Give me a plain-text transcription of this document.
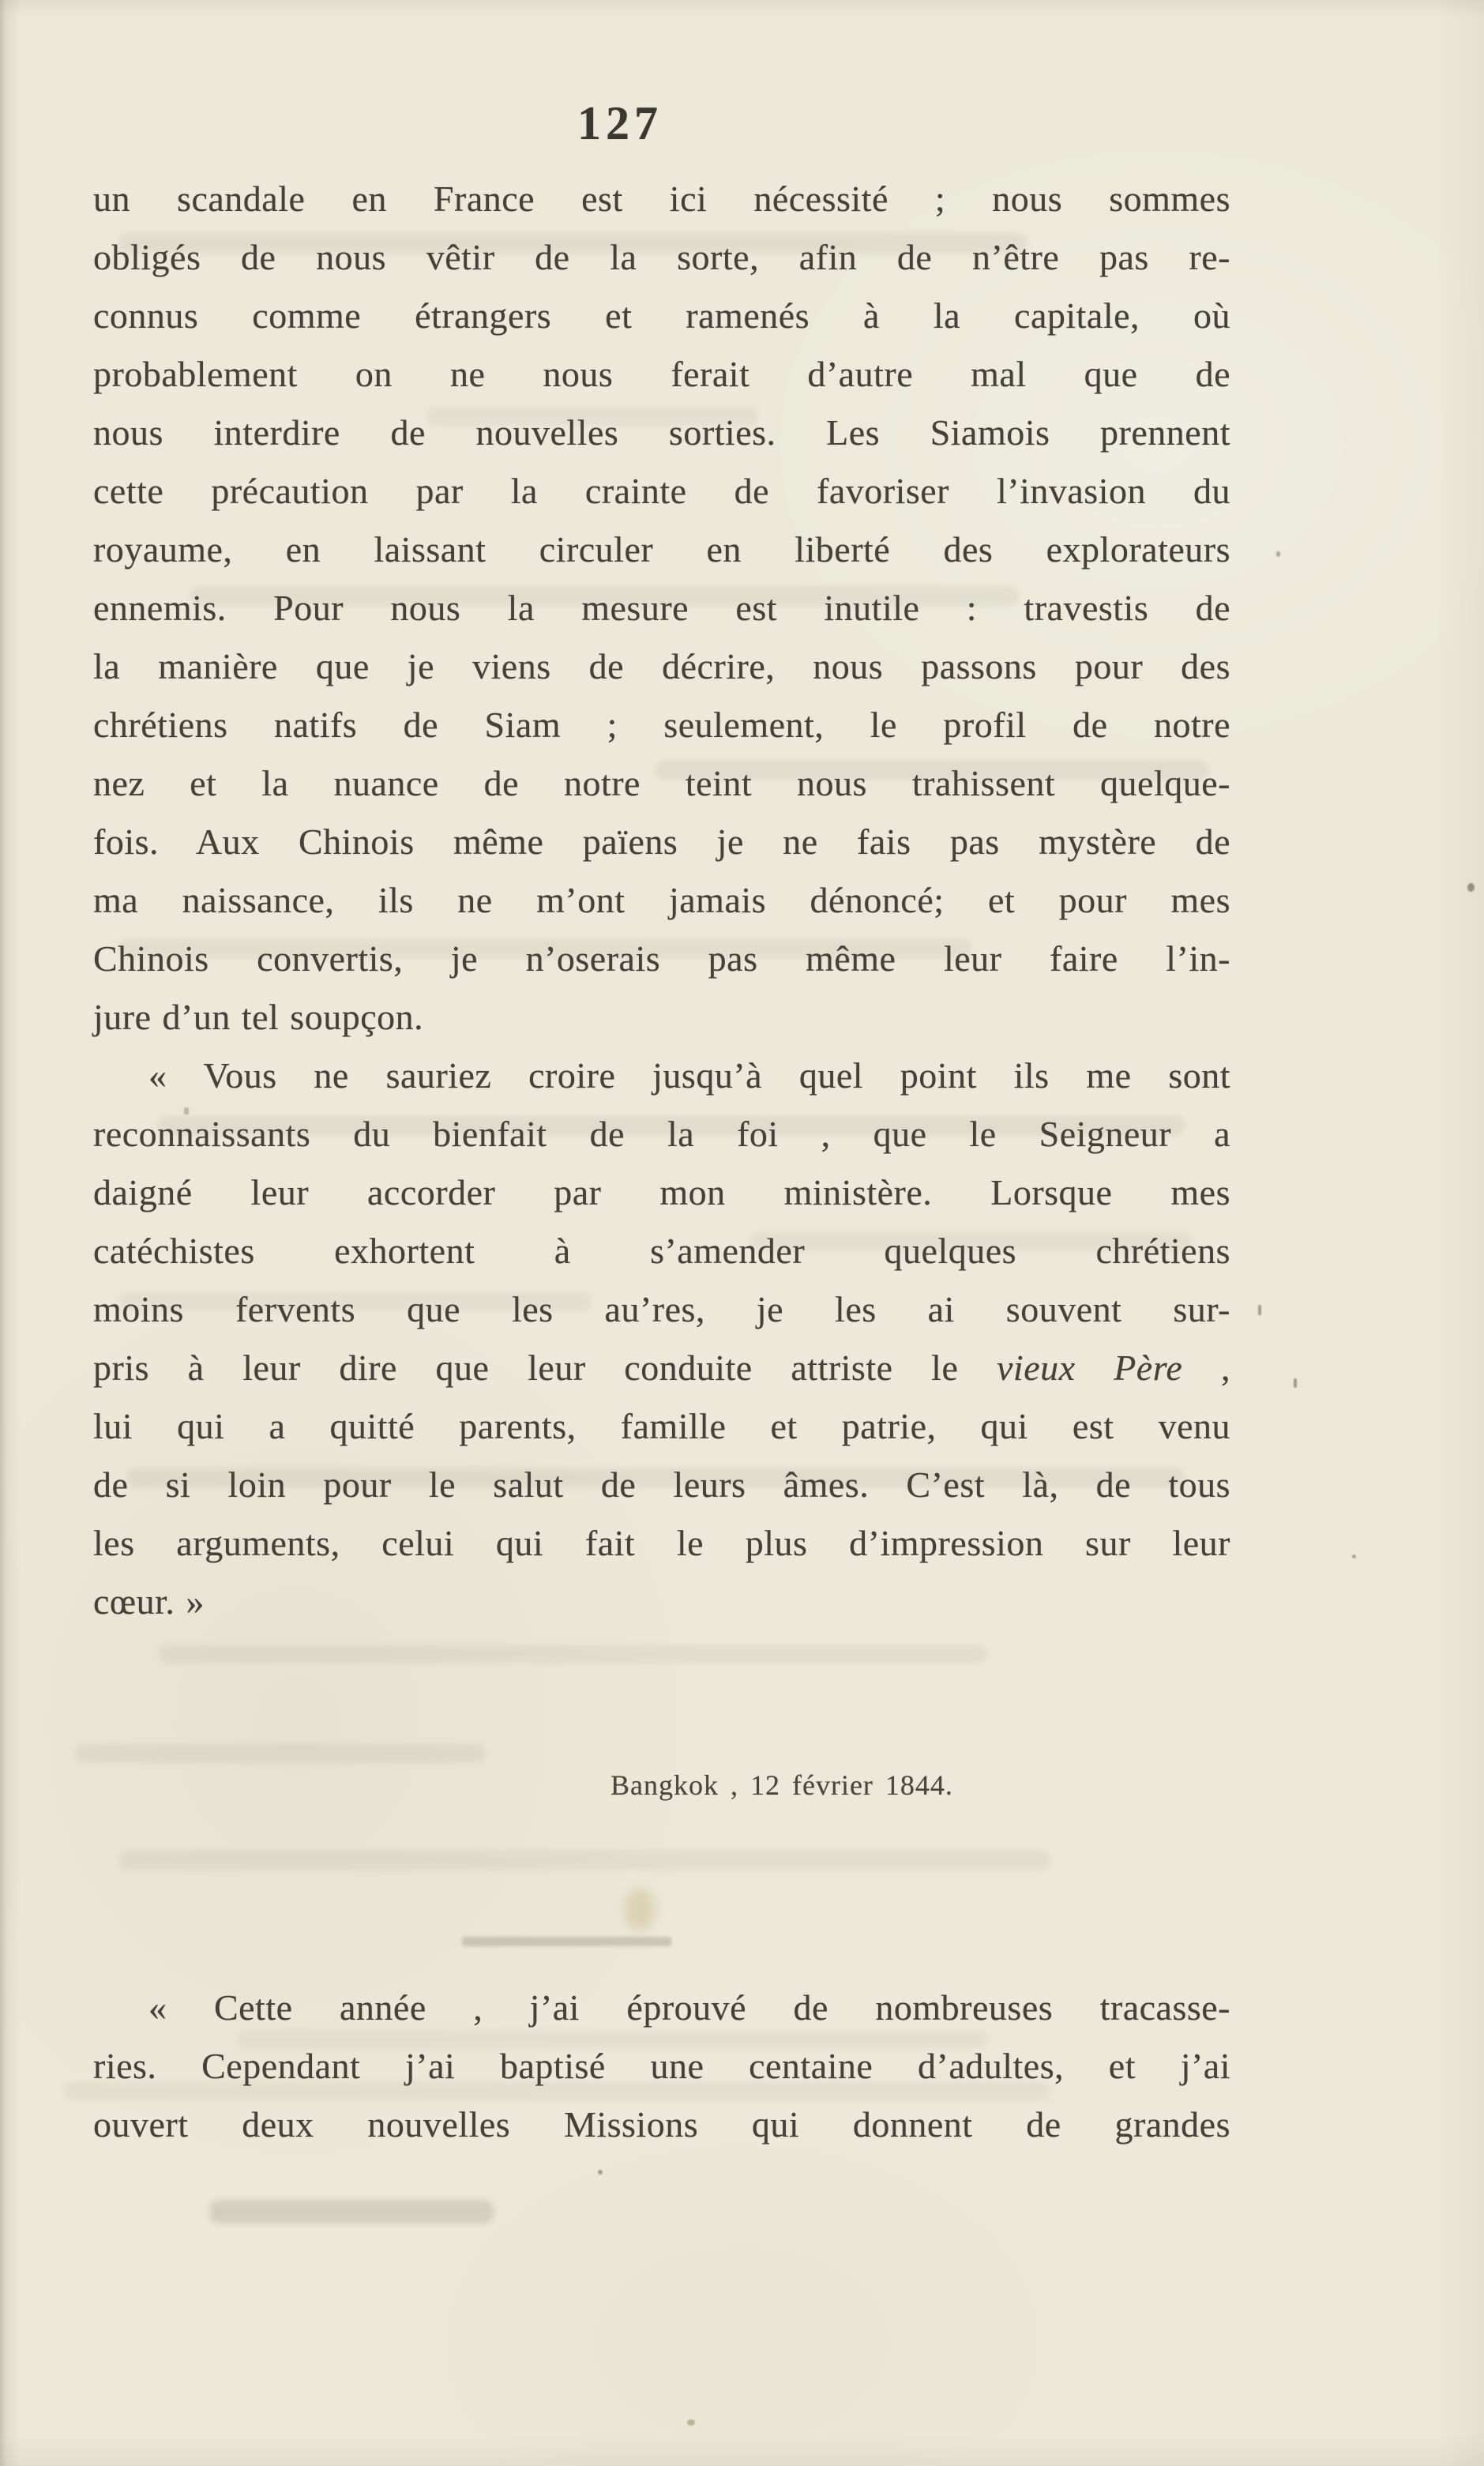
127
un scandale en France est ici nécessité ; nous sommes
obligés de nous vêtir de la sorte, afin de n’être pas re-
connus comme étrangers et ramenés à la capitale, où
probablement on ne nous ferait d’autre mal que de
nous interdire de nouvelles sorties. Les Siamois prennent
cette précaution par la crainte de favoriser l’invasion du
royaume, en laissant circuler en liberté des explorateurs
ennemis. Pour nous la mesure est inutile : travestis de
la manière que je viens de décrire, nous passons pour des
chrétiens natifs de Siam ; seulement, le profil de notre
nez et la nuance de notre teint nous trahissent quelque-
fois. Aux Chinois même païens je ne fais pas mystère de
ma naissance, ils ne m’ont jamais dénoncé; et pour mes
Chinois convertis, je n’oserais pas même leur faire l’in-
jure d’un tel soupçon.
« Vous ne sauriez croire jusqu’à quel point ils me sont
reconnaissants du bienfait de la foi , que le Seigneur a
daigné leur accorder par mon ministère. Lorsque mes
catéchistes exhortent à s’amender quelques chrétiens
moins fervents que les au’res, je les ai souvent sur-
pris à leur dire que leur conduite attriste le vieux Père ,
lui qui a quitté parents, famille et patrie, qui est venu
de si loin pour le salut de leurs âmes. C’est là, de tous
les arguments, celui qui fait le plus d’impression sur leur
cœur. »
Bangkok , 12 février 1844.
« Cette année , j’ai éprouvé de nombreuses tracasse-
ries. Cependant j’ai baptisé une centaine d’adultes, et j’ai
ouvert deux nouvelles Missions qui donnent de grandes
